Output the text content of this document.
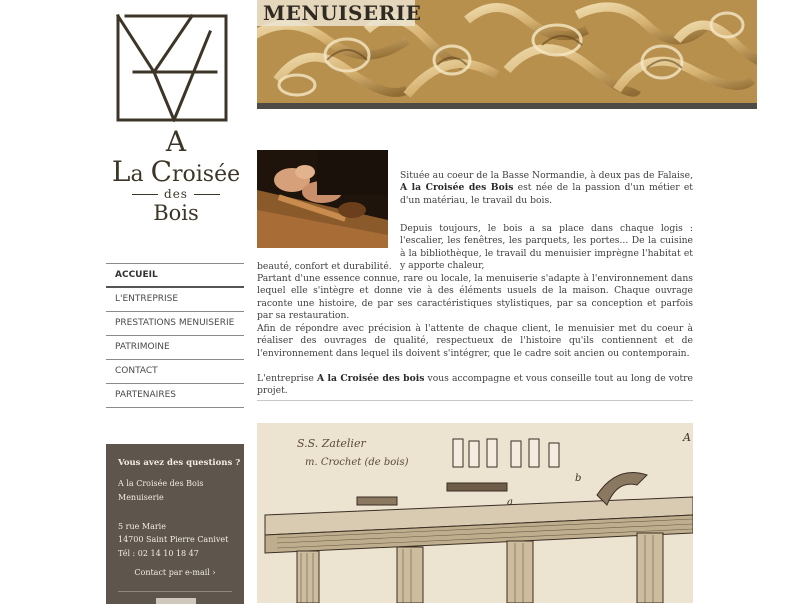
A
La Croisée
des
Bois
ACCUEIL
L'ENTREPRISE
PRESTATIONS MENUISERIE
PATRIMOINE
CONTACT
PARTENAIRES
Vous avez des questions ?
A la Croisée des Bois
Menuiserie
5 rue Marie
14700 Saint Pierre Canivet
Tél : 02 14 10 18 47
Contact par e-mail ›
MENUISERIE

Située au coeur de la Basse Normandie, à deux pas de Falaise, A la Croisée des Bois est née de la passion d'un métier et d'un matériau, le travail du bois.

Depuis toujours, le bois a sa place dans chaque logis : l'escalier, les fenêtres, les parquets, les portes... De la cuisine à la bibliothèque, le travail du menuisier imprègne l'habitat et y apporte chaleur,

beauté, confort et durabilité.

Partant d'une essence connue, rare ou locale, la menuiserie s'adapte à l'environnement dans lequel elle s'intègre et donne vie à des éléments usuels de la maison. Chaque ouvrage raconte une histoire, de par ses caractéristiques stylistiques, par sa conception et parfois par sa restauration.

Afin de répondre avec précision à l'attente de chaque client, le menuisier met du coeur à réaliser des ouvrages de qualité, respectueux de l'histoire qu'ils contiennent et de l'environnement dans lequel ils doivent s'intégrer, que le cadre soit ancien ou contemporain.

L'entreprise A la Croisée des bois vous accompagne et vous conseille tout au long de votre projet.

S.S. Zatelier
m. Crochet (de bois)
A
a
b
